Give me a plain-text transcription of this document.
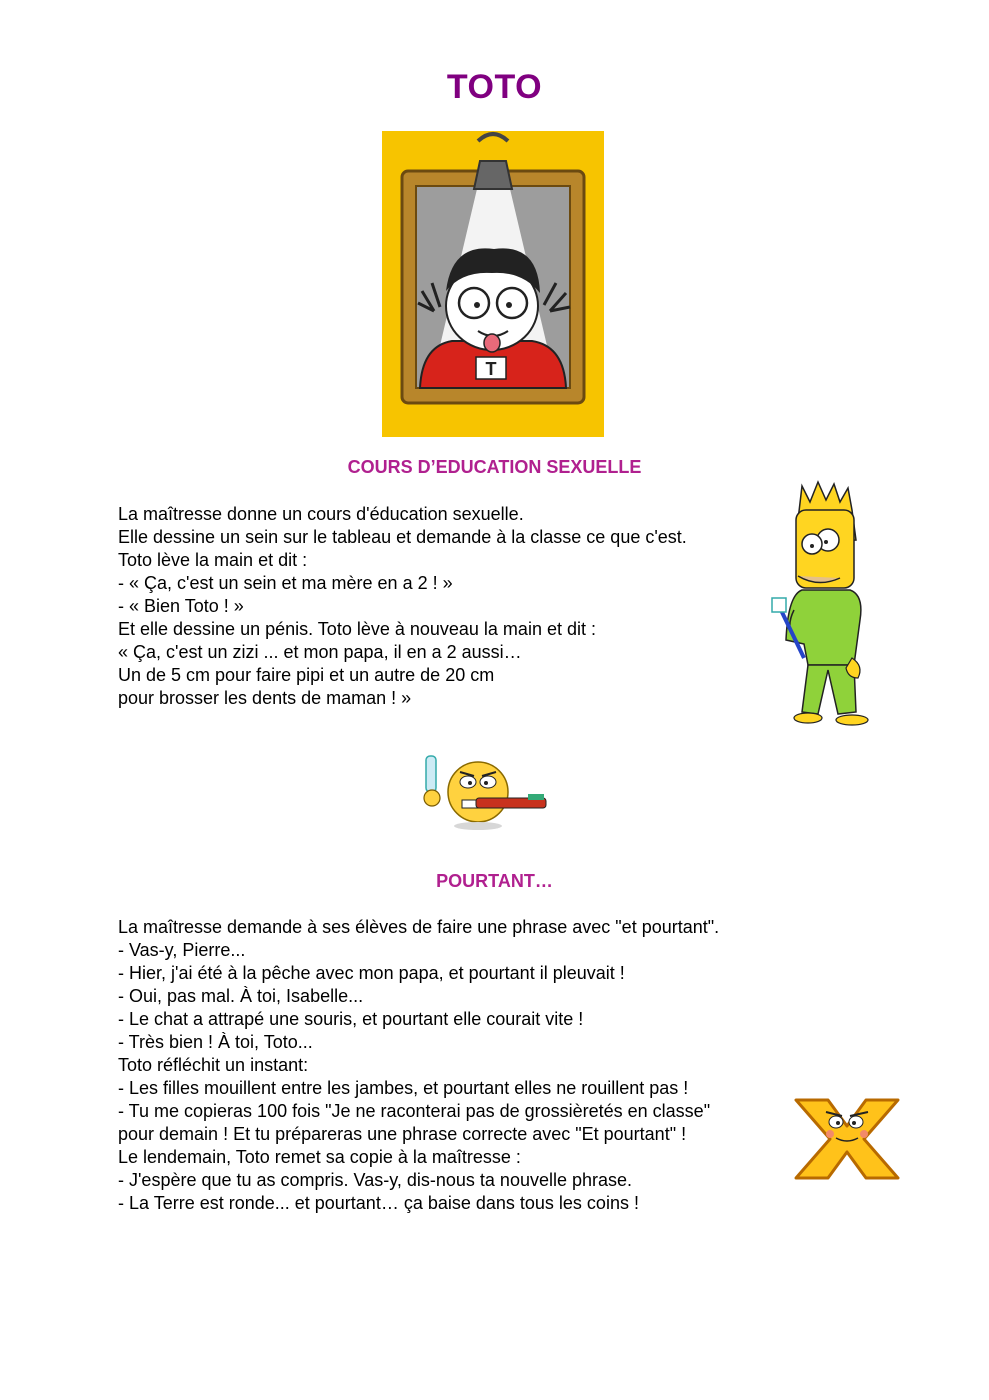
TOTO
T
COURS D’EDUCATION SEXUELLE
La maîtresse donne un cours d'éducation sexuelle.
Elle dessine un sein sur le tableau et demande à la classe ce que c'est.
Toto lève la main et dit :
- « Ça, c'est un sein et ma mère en a 2 ! »
- « Bien Toto ! »
Et elle dessine un pénis. Toto lève à nouveau la main et dit :
« Ça, c'est un zizi ... et mon papa, il en a 2 aussi…
Un de 5 cm pour faire pipi et un autre de 20 cm
pour brosser les dents de maman ! »
POURTANT…
La maîtresse demande à ses élèves de faire une phrase avec "et pourtant".
- Vas-y, Pierre...
- Hier, j'ai été à la pêche avec mon papa, et pourtant il pleuvait !
- Oui, pas mal. À toi, Isabelle...
- Le chat a attrapé une souris, et pourtant elle courait vite !
- Très bien ! À toi, Toto...
Toto réfléchit un instant:
- Les filles mouillent entre les jambes, et pourtant elles ne rouillent pas !
- Tu me copieras 100 fois "Je ne raconterai pas de grossièretés en classe"
pour demain ! Et tu prépareras une phrase correcte avec "Et pourtant" !
Le lendemain, Toto remet sa copie à la maîtresse :
- J'espère que tu as compris. Vas-y, dis-nous ta nouvelle phrase.
- La Terre est ronde... et pourtant… ça baise dans tous les coins !
